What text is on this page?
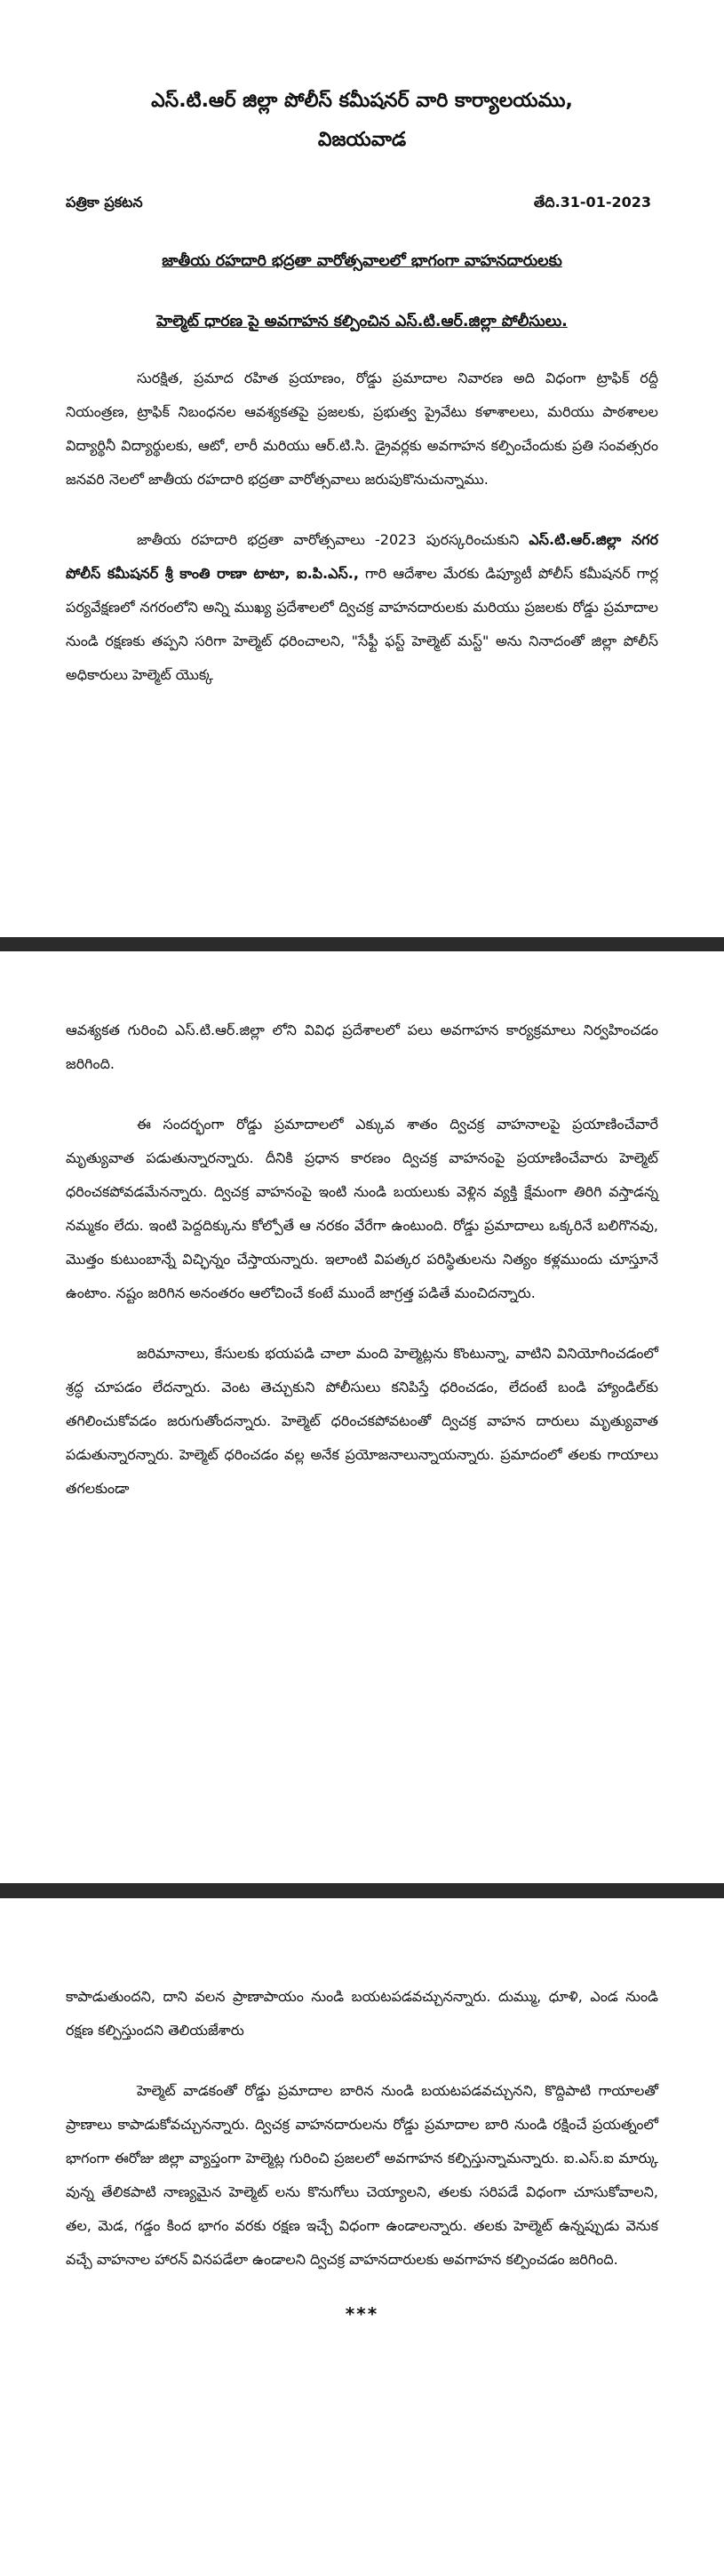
ఎస్.టి.ఆర్ జిల్లా పోలీస్ కమీషనర్ వారి కార్యాలయము,

విజయవాడ

పత్రికా ప్రకటన	తేది.31-01-2023

జాతీయ రహదారి భద్రతా వారోత్సవాలలో భాగంగా వాహనదారులకు

హెల్మెట్ ధారణ పై అవగాహన కల్పించిన ఎస్.టి.ఆర్.జిల్లా పోలీసులు.

సురక్షిత, ప్రమాద రహిత ప్రయాణం, రోడ్డు ప్రమాదాల నివారణ అది విధంగా ట్రాఫిక్ రద్దీ నియంత్రణ, ట్రాఫిక్ నిబంధనల ఆవశ్యకతపై ప్రజలకు, ప్రభుత్వ ప్రైవేటు కళాశాలలు, మరియు పాఠశాలల విద్యార్థినీ విద్యార్థులకు, ఆటో, లారీ మరియు ఆర్.టి.సి. డ్రైవర్లకు అవగాహన కల్పించేందుకు ప్రతి సంవత్సరం జనవరి నెలలో జాతీయ రహదారి భద్రతా వారోత్సవాలు జరుపుకొనుచున్నాము.

జాతీయ రహదారి భద్రతా వారోత్సవాలు -2023 పురస్కరించుకుని ఎస్.టి.ఆర్.జిల్లా నగర పోలీస్ కమీషనర్ శ్రీ కాంతి రాణా టాటా, ఐ.పి.ఎస్., గారి ఆదేశాల మేరకు డిప్యూటీ పోలీస్ కమీషనర్ గార్ల పర్యవేక్షణలో నగరంలోని అన్ని ముఖ్య ప్రదేశాలలో ద్విచక్ర వాహనదారులకు మరియు ప్రజలకు రోడ్డు ప్రమాదాల నుండి రక్షణకు తప్పని సరిగా హెల్మెట్ ధరించాలని, "సేఫ్టీ ఫస్ట్ హెల్మెట్ మస్ట్" అను నినాదంతో జిల్లా పోలీస్ అధికారులు హెల్మెట్ యొక్క

ఆవశ్యకత గురించి ఎస్.టి.ఆర్.జిల్లా లోని వివిధ ప్రదేశాలలో పలు అవగాహన కార్యక్రమాలు నిర్వహించడం జరిగింది.

ఈ సందర్భంగా రోడ్డు ప్రమాదాలలో ఎక్కువ శాతం ద్విచక్ర వాహనాలపై ప్రయాణించేవారే మృత్యువాత పడుతున్నారన్నారు. దీనికి ప్రధాన కారణం ద్విచక్ర వాహనంపై ప్రయాణించేవారు హెల్మెట్ ధరించకపోవడమేనన్నారు. ద్విచక్ర వాహనంపై ఇంటి నుండి బయలుకు వెళ్లిన వ్యక్తి క్షేమంగా తిరిగి వస్తాడన్న నమ్మకం లేదు. ఇంటి పెద్దదిక్కును కోల్పోతే ఆ నరకం వేరేగా ఉంటుంది. రోడ్డు ప్రమాదాలు ఒక్కరినే బలిగొనవు, మొత్తం కుటుంబాన్నే విచ్ఛిన్నం చేస్తాయన్నారు. ఇలాంటి విపత్కర పరిస్థితులను నిత్యం కళ్లముందు చూస్తూనే ఉంటాం. నష్టం జరిగిన అనంతరం ఆలోచించే కంటే ముందే జాగ్రత్త పడితే మంచిదన్నారు.

జరిమానాలు, కేసులకు భయపడి చాలా మంది హెల్మెట్లను కొంటున్నా, వాటిని వినియోగించడంలో శ్రద్ధ చూపడం లేదన్నారు. వెంట తెచ్చుకుని పోలీసులు కనిపిస్తే ధరించడం, లేదంటే బండి హ్యాండిల్‌కు తగిలించుకోవడం జరుగుతోందన్నారు. హెల్మెట్ ధరించకపోవటంతో ద్విచక్ర వాహన దారులు మృత్యువాత పడుతున్నారన్నారు. హెల్మెట్ ధరించడం వల్ల అనేక ప్రయోజనాలున్నాయన్నారు. ప్రమాదంలో తలకు గాయాలు తగలకుండా

కాపాడుతుందని, దాని వలన ప్రాణాపాయం నుండి బయటపడవచ్చునన్నారు. దుమ్ము, ధూళి, ఎండ నుండి రక్షణ కల్పిస్తుందని తెలియజేశారు

హెల్మెట్ వాడకంతో రోడ్డు ప్రమాదాల బారిన నుండి బయటపడవచ్చునని, కొద్దిపాటి గాయాలతో ప్రాణాలు కాపాడుకోవచ్చునన్నారు. ద్విచక్ర వాహనదారులను రోడ్డు ప్రమాదాల బారి నుండి రక్షించే ప్రయత్నంలో భాగంగా ఈరోజు జిల్లా వ్యాప్తంగా హెల్మెట్ల గురించి ప్రజలలో అవగాహన కల్పిస్తున్నామన్నారు. ఐ.ఎస్.ఐ మార్కు వున్న తేలికపాటి నాణ్యమైన హెల్మెట్ లను కొనుగోలు చెయ్యాలని, తలకు సరిపడే విధంగా చూసుకోవాలని, తల, మెడ, గడ్డం కింద భాగం వరకు రక్షణ ఇచ్చే విధంగా ఉండాలన్నారు. తలకు హెల్మెట్ ఉన్నప్పుడు వెనుక వచ్చే వాహనాల హారన్ వినపడేలా ఉండాలని ద్విచక్ర వాహనదారులకు అవగాహన కల్పించడం జరిగింది.

***
